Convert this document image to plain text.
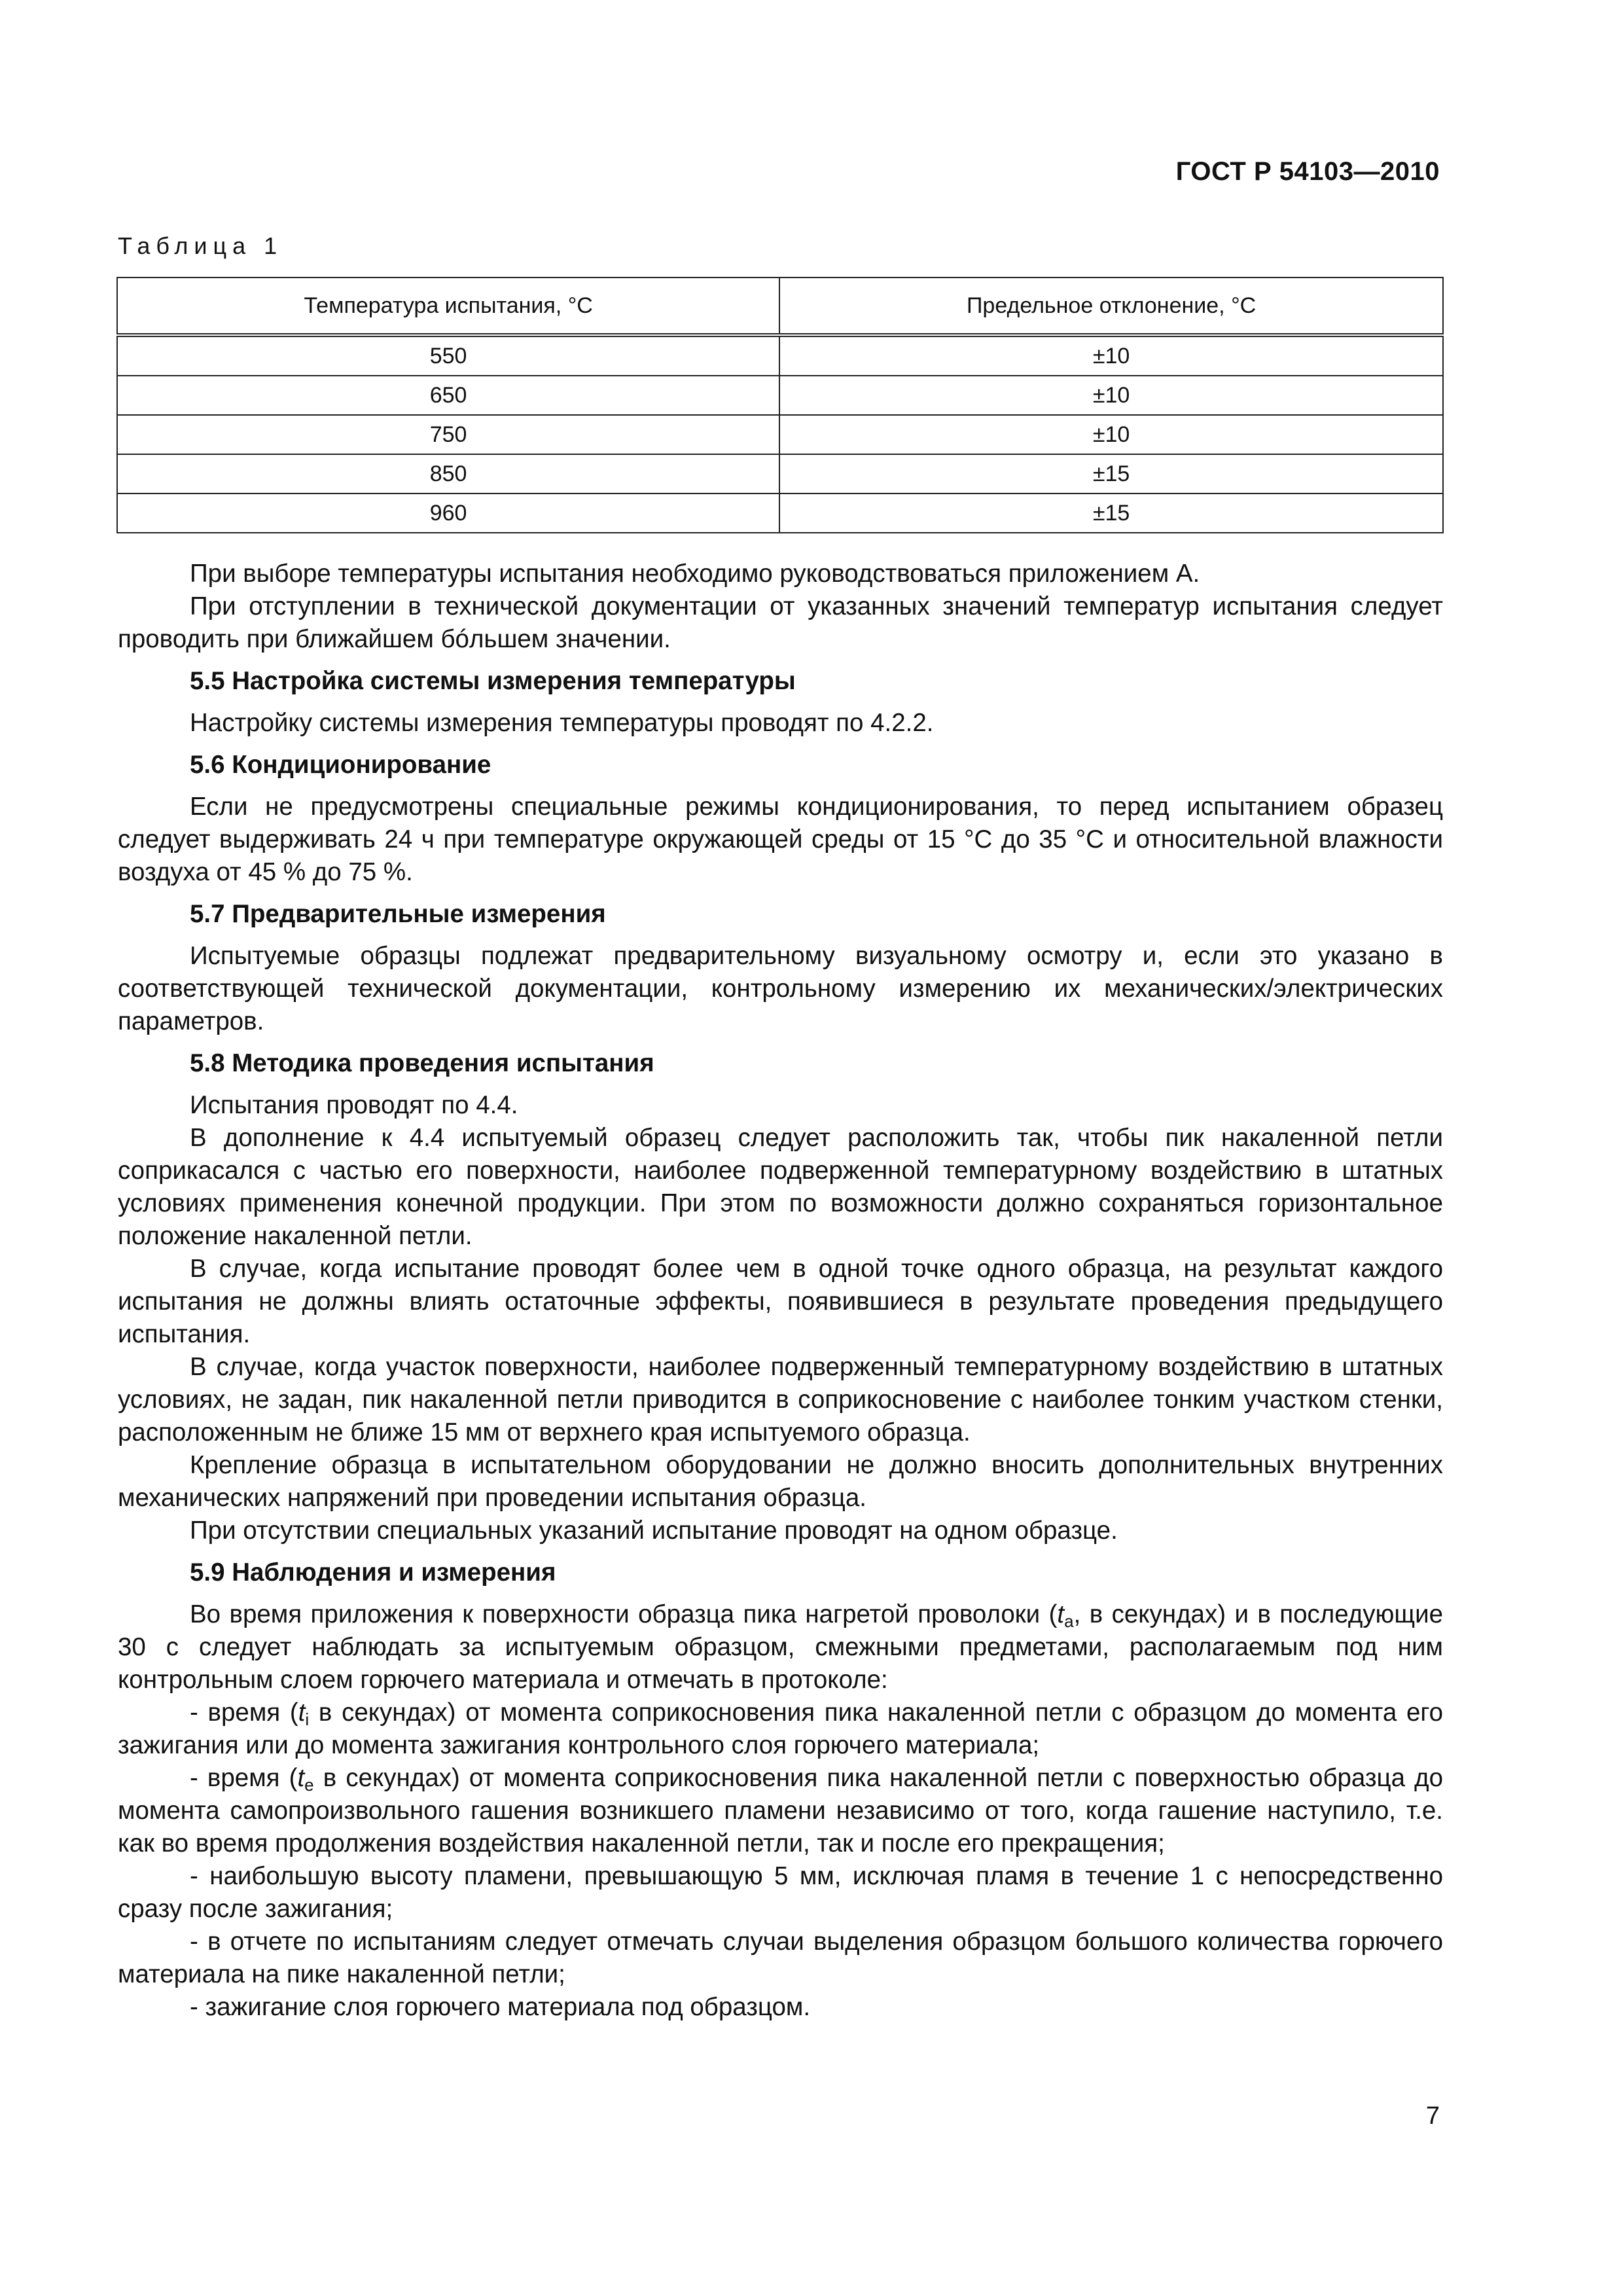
ГОСТ Р 54103—2010
Таблица 1
Температура испытания, °С	Предельное отклонение, °С
550	±10
650	±10
750	±10
850	±15
960	±15

При выборе температуры испытания необходимо руководствоваться приложением А.

При отступлении в технической документации от указанных значений температур испытания следует проводить при ближайшем бóльшем значении.

5.5 Настройка системы измерения температуры

Настройку системы измерения температуры проводят по 4.2.2.

5.6 Кондиционирование

Если не предусмотрены специальные режимы кондиционирования, то перед испытанием образец следует выдерживать 24 ч при температуре окружающей среды от 15 °С до 35 °С и относительной влажности воздуха от 45 % до 75 %.

5.7 Предварительные измерения

Испытуемые образцы подлежат предварительному визуальному осмотру и, если это указано в соответствующей технической документации, контрольному измерению их механических/электрических параметров.

5.8 Методика проведения испытания

Испытания проводят по 4.4.

В дополнение к 4.4 испытуемый образец следует расположить так, чтобы пик накаленной петли соприкасался с частью его поверхности, наиболее подверженной температурному воздействию в штатных условиях применения конечной продукции. При этом по возможности должно сохраняться горизонтальное положение накаленной петли.

В случае, когда испытание проводят более чем в одной точке одного образца, на результат каждого испытания не должны влиять остаточные эффекты, появившиеся в результате проведения предыдущего испытания.

В случае, когда участок поверхности, наиболее подверженный температурному воздействию в штатных условиях, не задан, пик накаленной петли приводится в соприкосновение с наиболее тонким участком стенки, расположенным не ближе 15 мм от верхнего края испытуемого образца.

Крепление образца в испытательном оборудовании не должно вносить дополнительных внутренних механических напряжений при проведении испытания образца.

При отсутствии специальных указаний испытание проводят на одном образце.

5.9 Наблюдения и измерения

Во время приложения к поверхности образца пика нагретой проволоки ($t_a$, в секундах) и в последующие 30 с следует наблюдать за испытуемым образцом, смежными предметами, располагаемым под ним контрольным слоем горючего материала и отмечать в протоколе:

- время ($t_i$ в секундах) от момента соприкосновения пика накаленной петли с образцом до момента его зажигания или до момента зажигания контрольного слоя горючего материала;

- время ($t_e$ в секундах) от момента соприкосновения пика накаленной петли с поверхностью образца до момента самопроизвольного гашения возникшего пламени независимо от того, когда гашение наступило, т.е. как во время продолжения воздействия накаленной петли, так и после его прекращения;

- наибольшую высоту пламени, превышающую 5 мм, исключая пламя в течение 1 с непосредственно сразу после зажигания;

- в отчете по испытаниям следует отмечать случаи выделения образцом большого количества горючего материала на пике накаленной петли;

- зажигание слоя горючего материала под образцом.

7
